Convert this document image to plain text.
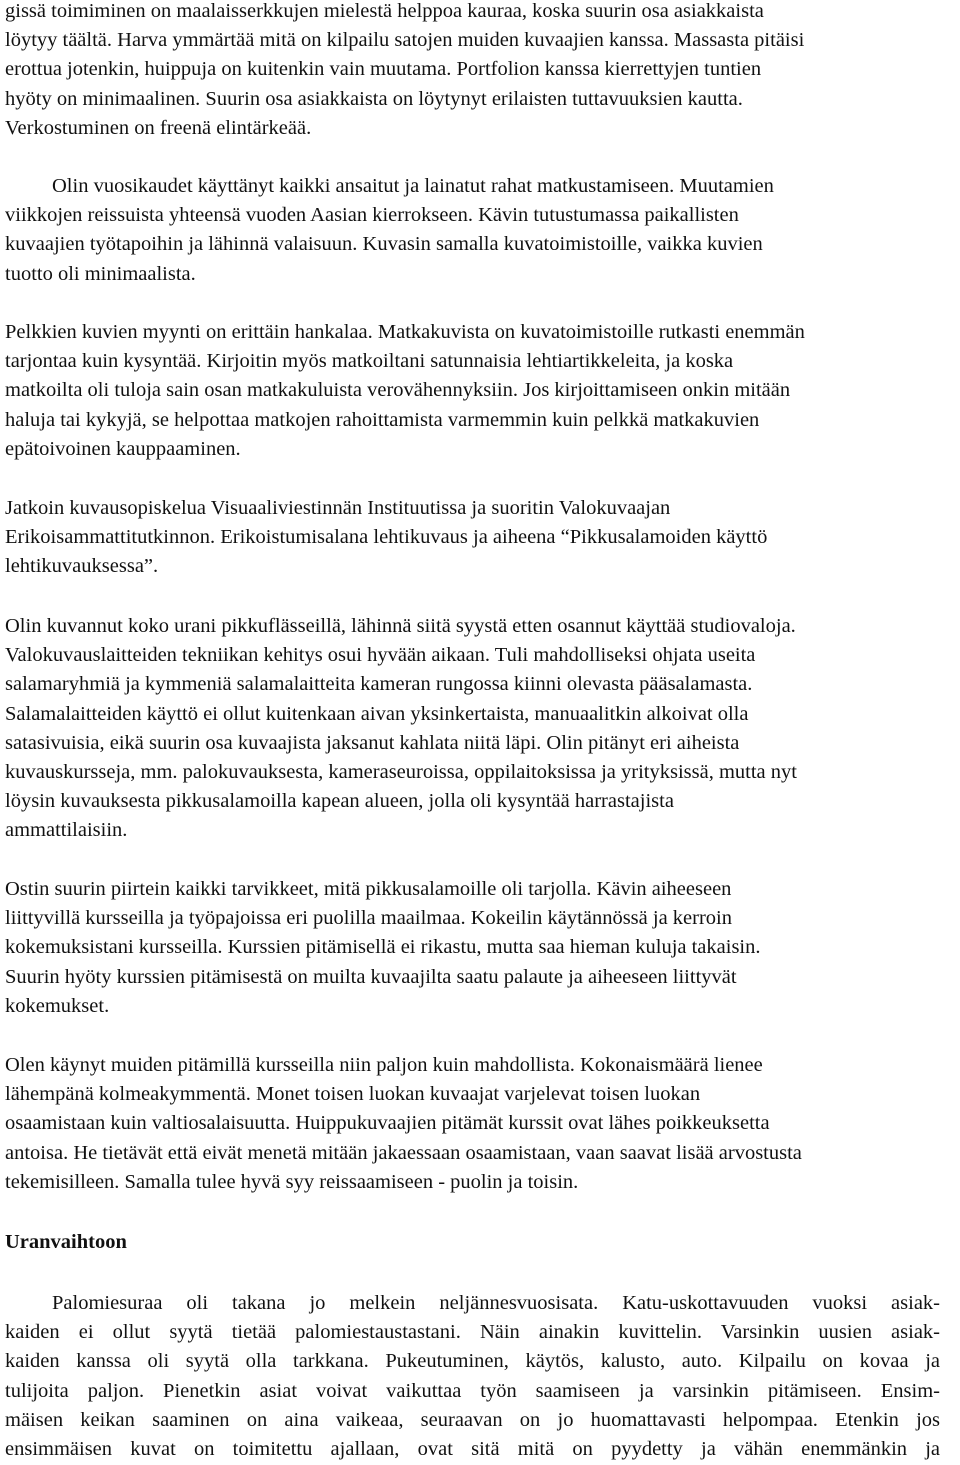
gissä toimiminen on maalaisserkkujen mielestä helppoa kauraa, koska suurin osa asiakkaista
löytyy täältä. Harva ymmärtää mitä on kilpailu satojen muiden kuvaajien kanssa. Massasta pitäisi
erottua jotenkin, huippuja on kuitenkin vain muutama. Portfolion kanssa kierrettyjen tuntien
hyöty on minimaalinen. Suurin osa asiakkaista on löytynyt erilaisten tuttavuuksien kautta.
Verkostuminen on freenä elintärkeää.
Olin vuosikaudet käyttänyt kaikki ansaitut ja lainatut rahat matkustamiseen. Muutamien
viikkojen reissuista yhteensä vuoden Aasian kierrokseen. Kävin tutustumassa paikallisten
kuvaajien työtapoihin ja lähinnä valaisuun. Kuvasin samalla kuvatoimistoille, vaikka kuvien
tuotto oli minimaalista.
Pelkkien kuvien myynti on erittäin hankalaa. Matkakuvista on kuvatoimistoille rutkasti enemmän
tarjontaa kuin kysyntää. Kirjoitin myös matkoiltani satunnaisia lehtiartikkeleita, ja koska
matkoilta oli tuloja sain osan matkakuluista verovähennyksiin. Jos kirjoittamiseen onkin mitään
haluja tai kykyjä, se helpottaa matkojen rahoittamista varmemmin kuin pelkkä matkakuvien
epätoivoinen kauppaaminen.
Jatkoin kuvausopiskelua Visuaaliviestinnän Instituutissa ja suoritin Valokuvaajan
Erikoisammattitutkinnon. Erikoistumisalana lehtikuvaus ja aiheena “Pikkusalamoiden käyttö
lehtikuvauksessa”.
Olin kuvannut koko urani pikkuflässeillä, lähinnä siitä syystä etten osannut käyttää studiovaloja.
Valokuvauslaitteiden tekniikan kehitys osui hyvään aikaan. Tuli mahdolliseksi ohjata useita
salamaryhmiä ja kymmeniä salamalaitteita kameran rungossa kiinni olevasta pääsalamasta.
Salamalaitteiden käyttö ei ollut kuitenkaan aivan yksinkertaista, manuaalitkin alkoivat olla
satasivuisia, eikä suurin osa kuvaajista jaksanut kahlata niitä läpi. Olin pitänyt eri aiheista
kuvauskursseja, mm. palokuvauksesta, kameraseuroissa, oppilaitoksissa ja yrityksissä, mutta nyt
löysin kuvauksesta pikkusalamoilla kapean alueen, jolla oli kysyntää harrastajista
ammattilaisiin.
Ostin suurin piirtein kaikki tarvikkeet, mitä pikkusalamoille oli tarjolla. Kävin aiheeseen
liittyvillä kursseilla ja työpajoissa eri puolilla maailmaa. Kokeilin käytännössä ja kerroin
kokemuksistani kursseilla. Kurssien pitämisellä ei rikastu, mutta saa hieman kuluja takaisin.
Suurin hyöty kurssien pitämisestä on muilta kuvaajilta saatu palaute ja aiheeseen liittyvät
kokemukset.
Olen käynyt muiden pitämillä kursseilla niin paljon kuin mahdollista. Kokonaismäärä lienee
lähempänä kolmeakymmentä. Monet toisen luokan kuvaajat varjelevat toisen luokan
osaamistaan kuin valtiosalaisuutta. Huippukuvaajien pitämät kurssit ovat lähes poikkeuksetta
antoisa. He tietävät että eivät menetä mitään jakaessaan osaamistaan, vaan saavat lisää arvostusta
tekemisilleen. Samalla tulee hyvä syy reissaamiseen - puolin ja toisin.
Uranvaihtoon
Palomiesuraa oli takana jo melkein neljännesvuosisata. Katu-uskottavuuden vuoksi asiak-
kaiden ei ollut syytä tietää palomiestaustastani. Näin ainakin kuvittelin. Varsinkin uusien asiak-
kaiden kanssa oli syytä olla tarkkana. Pukeutuminen, käytös, kalusto, auto. Kilpailu on kovaa ja
tulijoita paljon. Pienetkin asiat voivat vaikuttaa työn saamiseen ja varsinkin pitämiseen. Ensim-
mäisen keikan saaminen on aina vaikeaa, seuraavan on jo huomattavasti helpompaa. Etenkin jos
ensimmäisen kuvat on toimitettu ajallaan, ovat sitä mitä on pyydetty ja vähän enemmänkin ja
